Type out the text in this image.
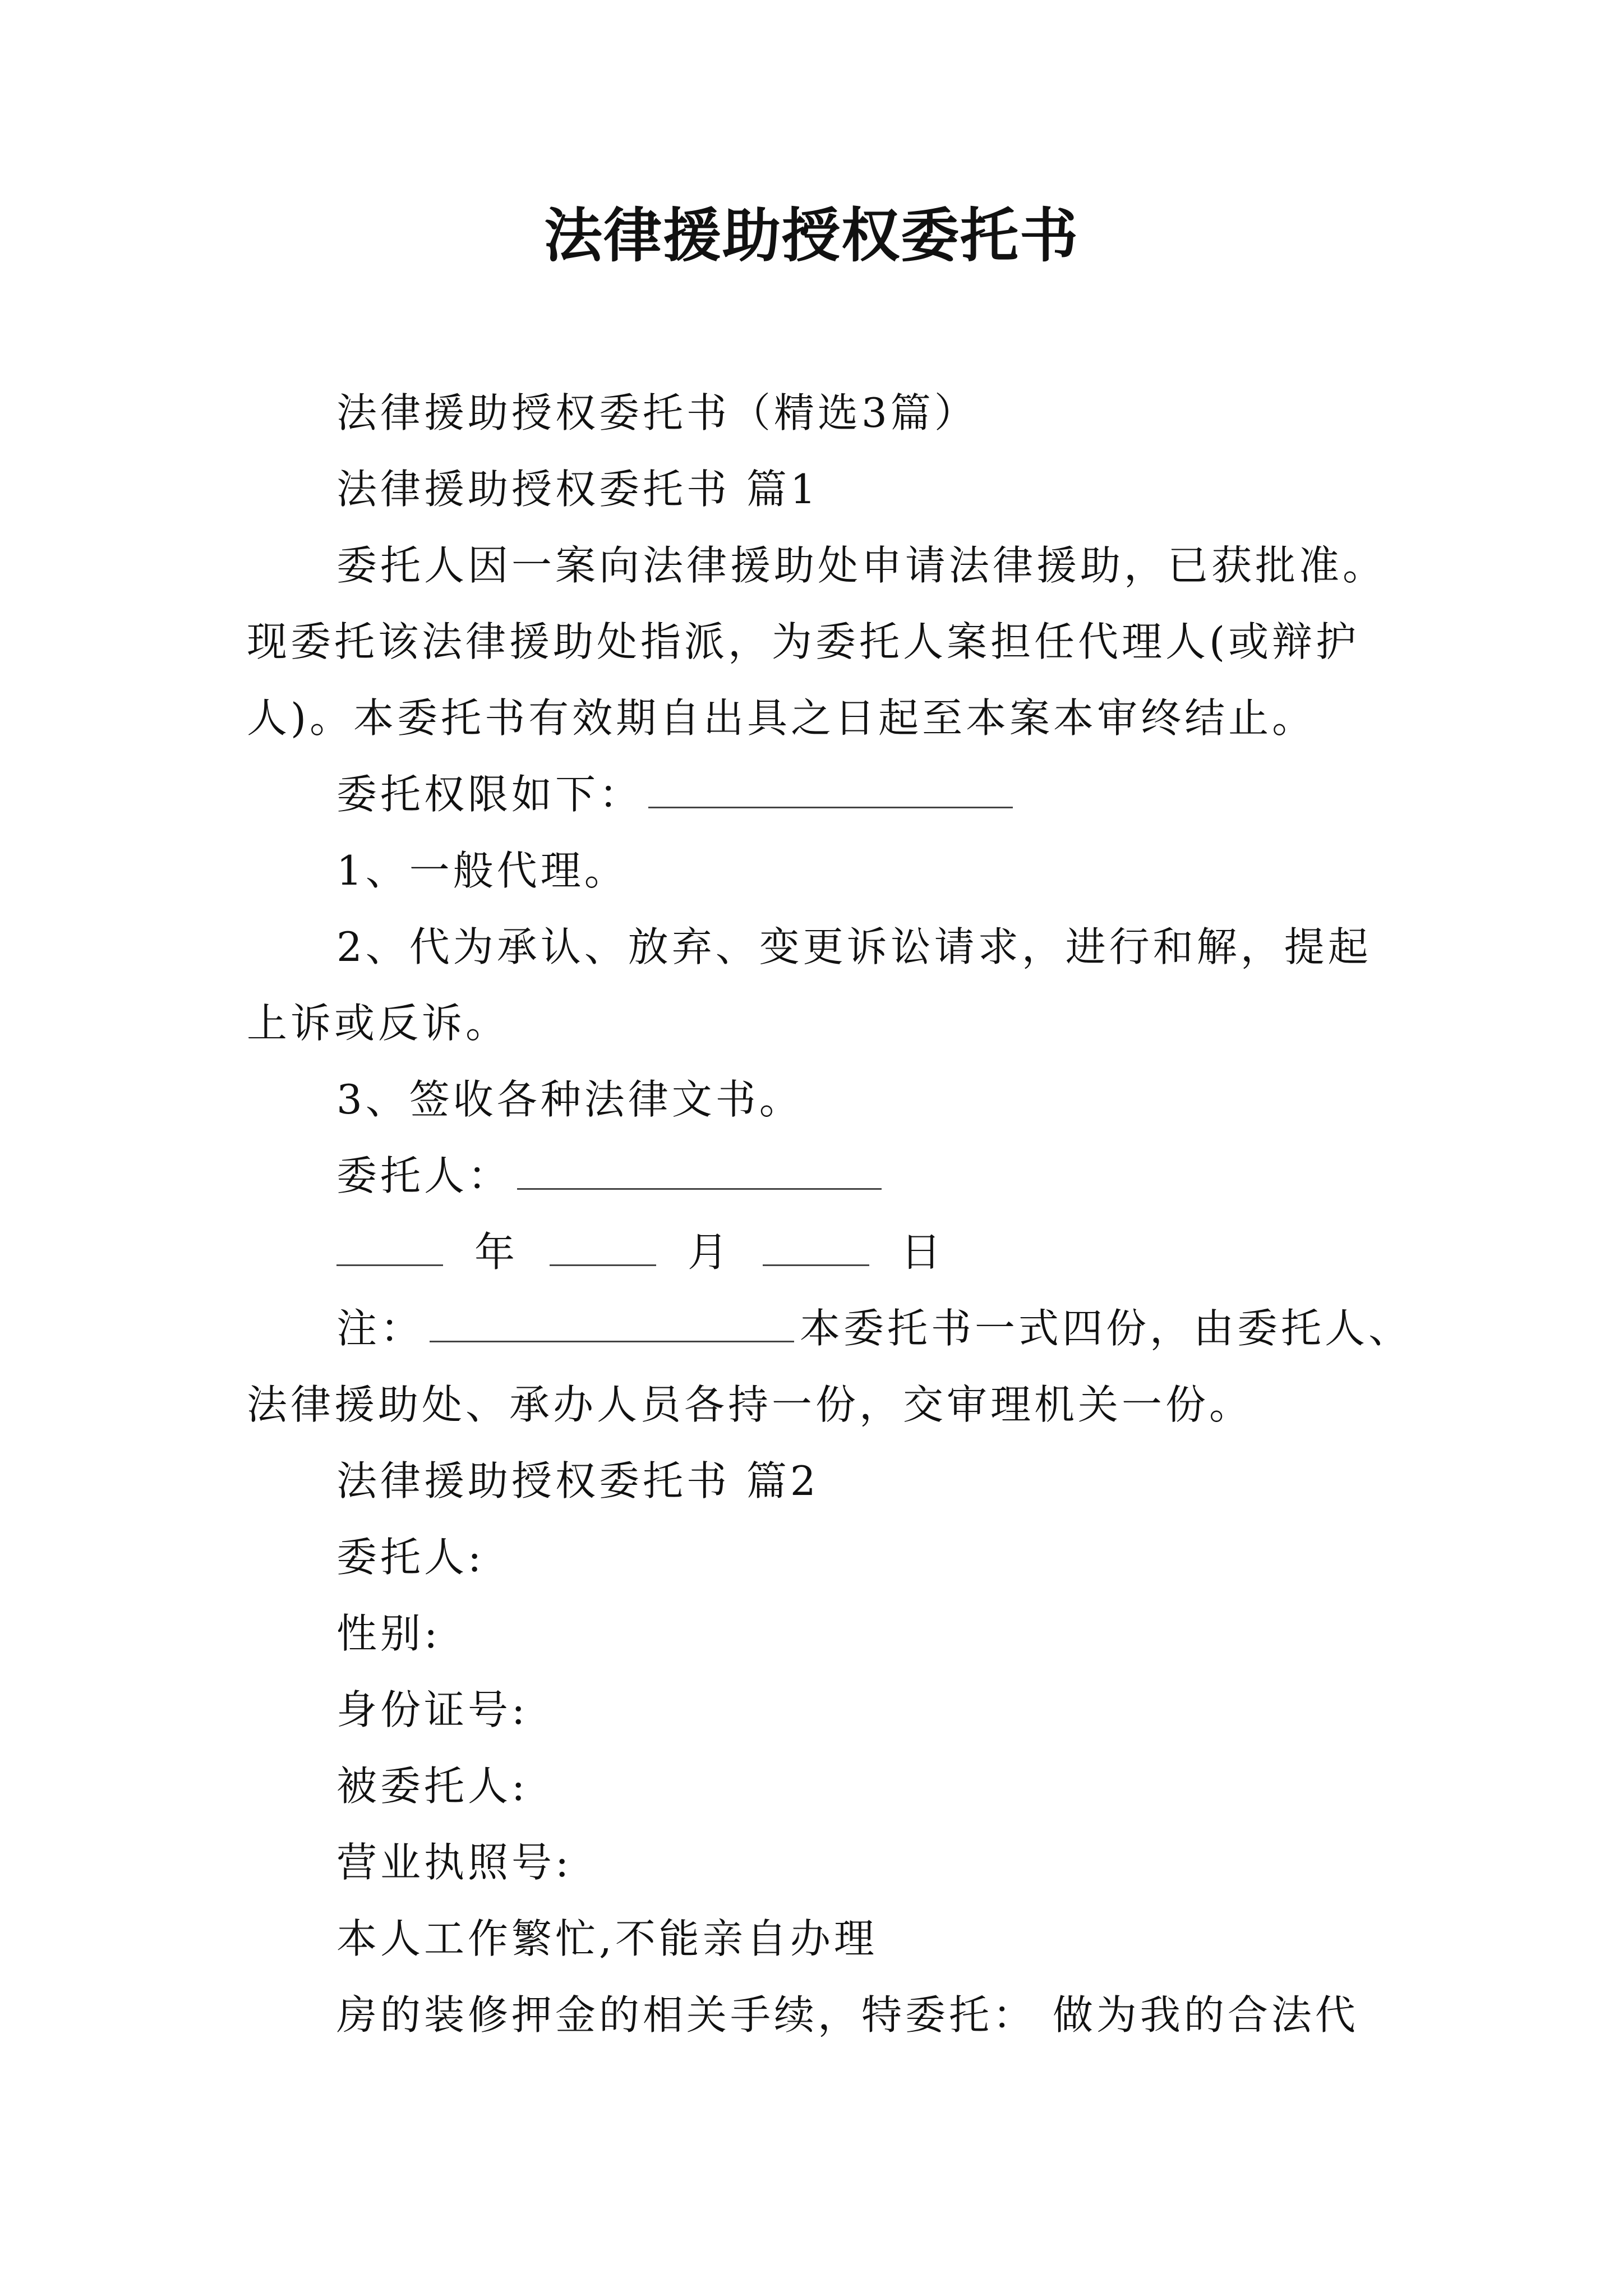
法律援助授权委托书
法律援助授权委托书（精选3篇）
法律援助授权委托书 篇1
委托人因一案向法律援助处申请法律援助，已获批准。
现委托该法律援助处指派，为委托人案担任代理人(或辩护
人)。本委托书有效期自出具之日起至本案本审终结止。
委托权限如下：
1、一般代理。
2、代为承认、放弃、变更诉讼请求，进行和解，提起
上诉或反诉。
3、签收各种法律文书。
委托人：
年	月	日
注：	本委托书一式四份，由委托人、
法律援助处、承办人员各持一份，交审理机关一份。
法律援助授权委托书 篇2
委托人:
性别:
身份证号:
被委托人:
营业执照号:
本人工作繁忙,不能亲自办理
房的装修押金的相关手续，特委托： 做为我的合法代
